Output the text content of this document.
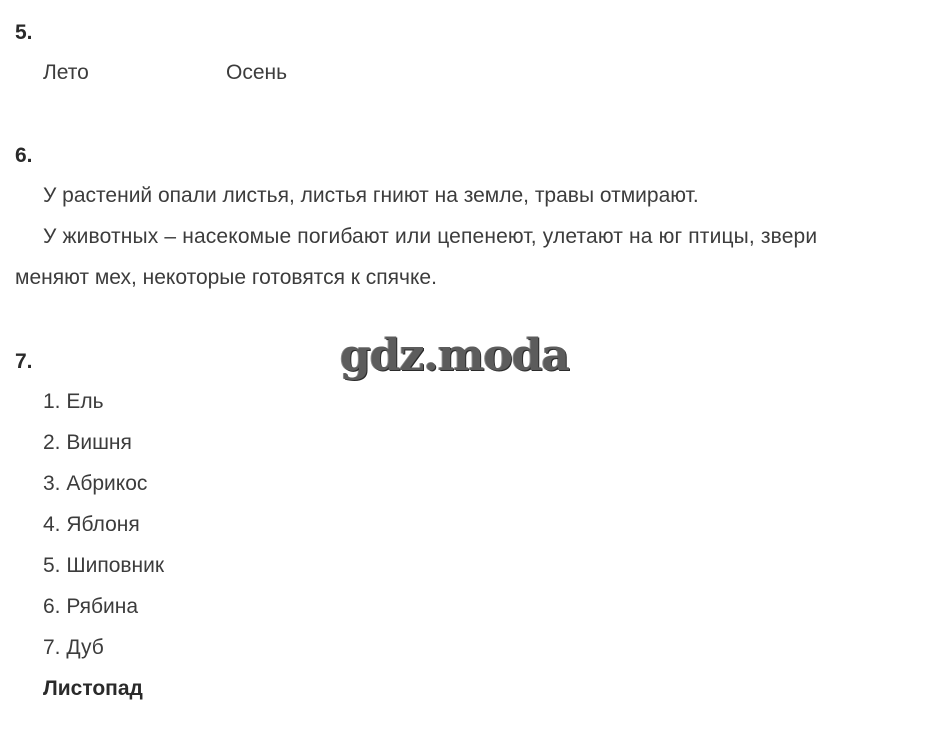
5.
Лето	Осень
6.
У растений опали листья, листья гниют на земле, травы отмирают.
У животных – насекомые погибают или цепенеют, улетают на юг птицы, звери
меняют мех, некоторые готовятся к спячке.
gdz.moda
7.
1. Ель
2. Вишня
3. Абрикос
4. Яблоня
5. Шиповник
6. Рябина
7. Дуб
Листопад
